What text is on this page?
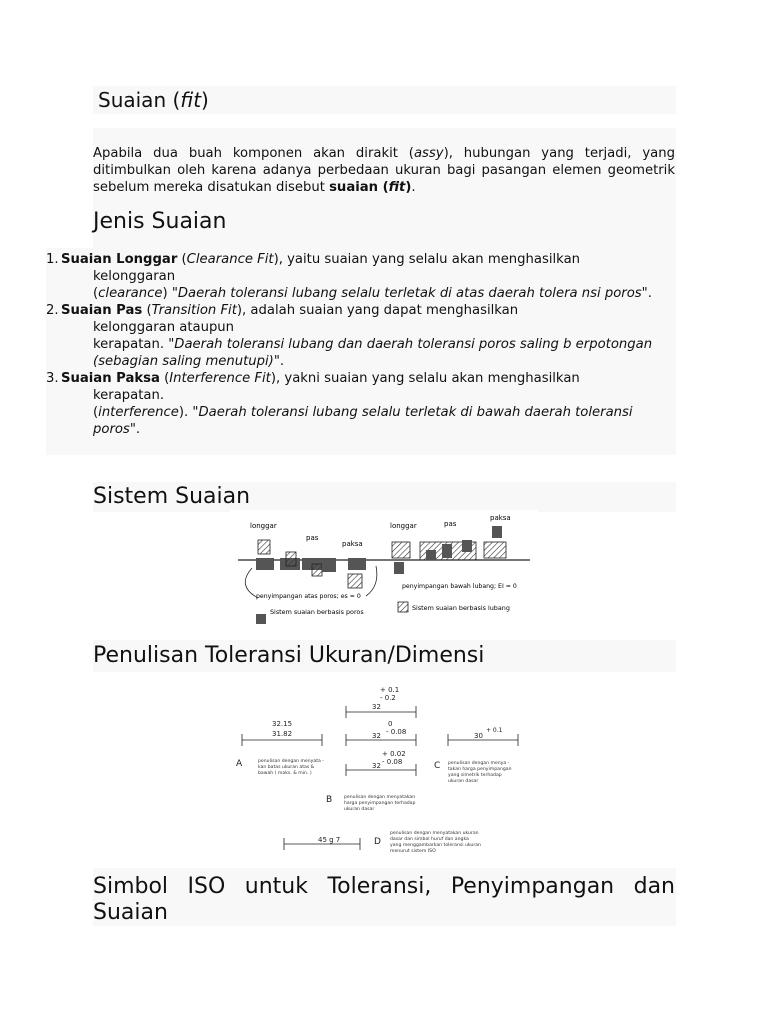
Suaian (fit)

Apabila dua buah komponen akan dirakit (assy), hubungan yang terjadi, yang ditimbulkan oleh karena adanya perbedaan ukuran bagi pasangan elemen geometrik sebelum mereka disatukan disebut suaian (fit).

Jenis Suaian
1. Suaian Longgar (Clearance Fit), yaitu suaian yang selalu akan menghasilkan
kelonggaran
(clearance) "Daerah toleransi lubang selalu terletak di atas daerah tolera nsi poros".
2. Suaian Pas (Transition Fit), adalah suaian yang dapat menghasilkan
kelonggaran ataupun
kerapatan. "Daerah toleransi lubang dan daerah toleransi poros saling b erpotongan (sebagian saling menutupi)".
3. Suaian Paksa (Interference Fit), yakni suaian yang selalu akan menghasilkan
kerapatan.
(interference). "Daerah toleransi lubang selalu terletak di bawah daerah toleransi poros".
Sistem Suaian
longgar
pas
paksa
longgar	pas
paksa
penyimpangan atas poros; es = 0
penyimpangan bawah lubang; EI = 0
Sistem suaian berbasis poros	Sistem suaian berbasis lubang
Penulisan Toleransi Ukuran/Dimensi
+ 0.1
- 0.2
32
32.15
31.82
0
- 0.08
32
+ 0.02
- 0.08
32
30
+ 0.1
45 g 7
A
B
C
D
penulisan dengan menyata -
kan batas ukuran atas &
bawah ( maks. & min. )
penulisan dengan menyatakan
harga penyimpangan terhadap
ukuran dasar
penulisan dengan menya -
takan harga penyimpangan
yang simetrik terhadap
ukuran dasar
penulisan dengan menyatakan ukuran
dasar dan simbol huruf dan angka
yang menggambarkan toleransi ukuran
menurut sistem ISO
Simbol ISO untuk Toleransi, Penyimpangan dan Suaian
